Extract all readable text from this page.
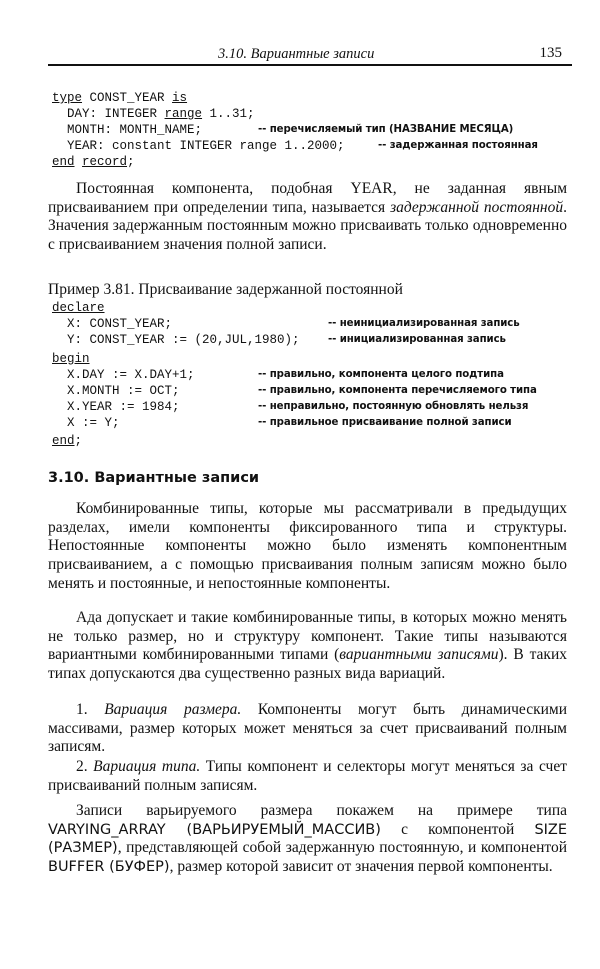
3.10. Вариантные записи	135
type CONST_YEAR is
DAY: INTEGER range 1..31;
MONTH: MONTH_NAME;
YEAR: constant INTEGER range 1..2000;
end record;
-- перечисляемый тип (НАЗВАНИЕ МЕСЯЦА)
-- задержанная постоянная

Постоянная компонента, подобная YEAR, не заданная явным присваиванием при определении типа, называется задержанной постоянной. Значения задержанным постоянным можно присваивать только одновременно с присваиванием значения полной записи.

Пример 3.81. Присваивание задержанной постоянной
declare
X: CONST_YEAR;
Y: CONST_YEAR := (20,JUL,1980);
-- неинициализированная запись
-- инициализированная запись
begin
X.DAY := X.DAY+1;
X.MONTH := OCT;
X.YEAR := 1984;
X := Y;
-- правильно, компонента целого подтипа
-- правильно, компонента перечисляемого типа
-- неправильно, постоянную обновлять нельзя
-- правильное присваивание полной записи
end;
3.10. Вариантные записи

Комбинированные типы, которые мы рассматривали в предыдущих разделах, имели компоненты фиксированного типа и структуры. Непостоянные компоненты можно было изменять компонентным присваиванием, а с помощью присваивания полным записям можно было менять и постоянные, и непостоянные компоненты.

Ада допускает и такие комбинированные типы, в которых можно менять не только размер, но и структуру компонент. Такие типы называются вариантными комбинированными типами (вариантными записями). В таких типах допускаются два существенно разных вида вариаций.

1. Вариация размера. Компоненты могут быть динамическими массивами, размер которых может меняться за счет присваиваний полным записям.

2. Вариация типа. Типы компонент и селекторы могут меняться за счет присваиваний полным записям.

Записи варьируемого размера покажем на примере типа VARYING_ARRAY (ВАРЬИРУЕМЫЙ_МАССИВ) с компонентой SIZE (РАЗМЕР), представляющей собой задержанную постоянную, и компонентой BUFFER (БУФЕР), размер которой зависит от значения первой компоненты.
